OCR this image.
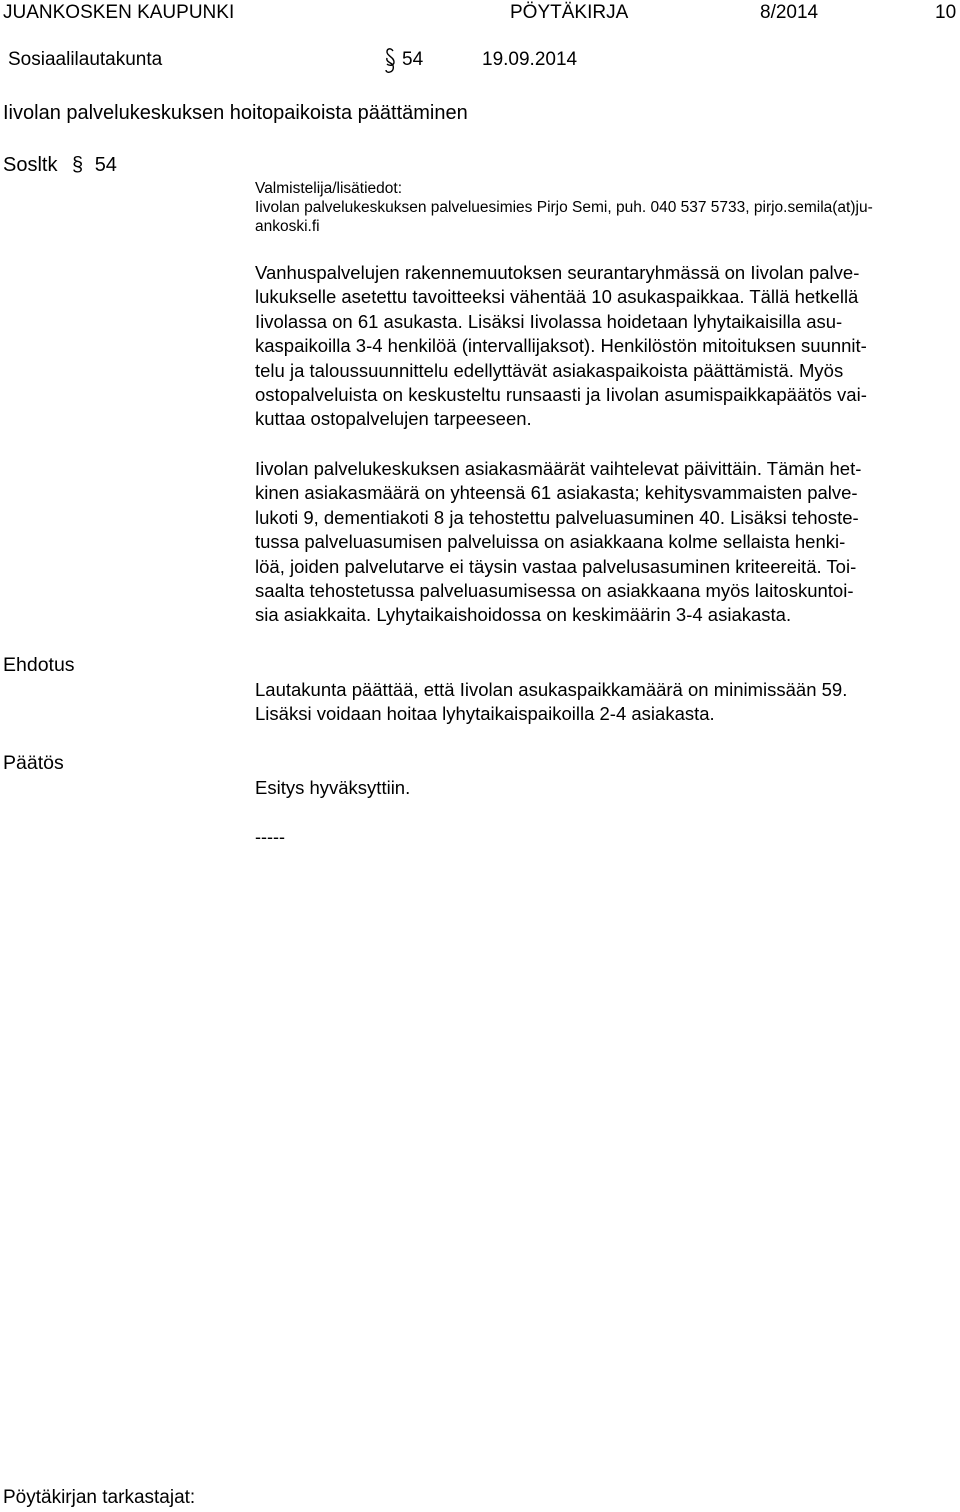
JUANKOSKEN KAUPUNKI	PÖYTÄKIRJA	8/2014	10
Sosiaalilautakunta	54	19.09.2014
Iivolan palvelukeskuksen hoitopaikoista päättäminen
Sosltk § 54
Valmistelija/lisätiedot:
Iivolan palvelukeskuksen palveluesimies Pirjo Semi, puh. 040 537 5733, pirjo.semila(at)ju-
ankoski.fi
Vanhuspalvelujen rakennemuutoksen seurantaryhmässä on Iivolan palve-
lukukselle asetettu tavoitteeksi vähentää 10 asukaspaikkaa. Tällä hetkellä
Iivolassa on 61 asukasta. Lisäksi Iivolassa hoidetaan lyhytaikaisilla asu-
kaspaikoilla 3-4 henkilöä (intervallijaksot). Henkilöstön mitoituksen suunnit-
telu ja taloussuunnittelu edellyttävät asiakaspaikoista päättämistä. Myös
ostopalveluista on keskusteltu runsaasti ja Iivolan asumispaikkapäätös vai-
kuttaa ostopalvelujen tarpeeseen.
Iivolan palvelukeskuksen asiakasmäärät vaihtelevat päivittäin. Tämän het-
kinen asiakasmäärä on yhteensä 61 asiakasta; kehitysvammaisten palve-
lukoti 9, dementiakoti 8 ja tehostettu palveluasuminen 40. Lisäksi tehoste-
tussa palveluasumisen palveluissa on asiakkaana kolme sellaista henki-
löä, joiden palvelutarve ei täysin vastaa palvelusasuminen kriteereitä. Toi-
saalta tehostetussa palveluasumisessa on asiakkaana myös laitoskuntoi-
sia asiakkaita. Lyhytaikaishoidossa on keskimäärin 3-4 asiakasta.
Ehdotus
Lautakunta päättää, että Iivolan asukaspaikkamäärä on minimissään 59.
Lisäksi voidaan hoitaa lyhytaikaispaikoilla 2-4 asiakasta.
Päätös
Esitys hyväksyttiin.
-----
Pöytäkirjan tarkastajat:
